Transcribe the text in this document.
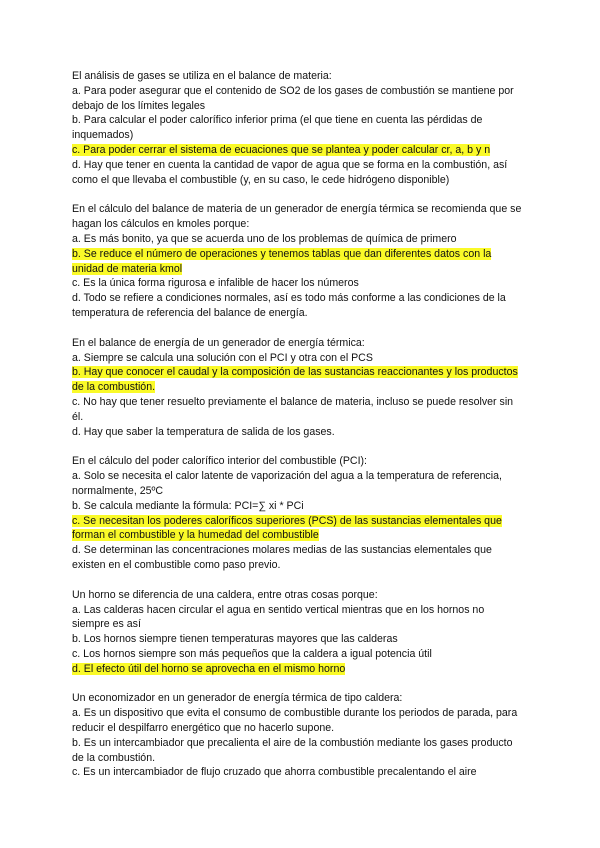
El análisis de gases se utiliza en el balance de materia:
a. Para poder asegurar que el contenido de SO2 de los gases de combustión se mantiene por debajo de los límites legales
b. Para calcular el poder calorífico inferior prima (el que tiene en cuenta las pérdidas de inquemados)
c. Para poder cerrar el sistema de ecuaciones que se plantea y poder calcular cr, a, b y n
d. Hay que tener en cuenta la cantidad de vapor de agua que se forma en la combustión, así como el que llevaba el combustible (y, en su caso, le cede hidrógeno disponible)
En el cálculo del balance de materia de un generador de energía térmica se recomienda que se hagan los cálculos en kmoles porque:
a. Es más bonito, ya que se acuerda uno de los problemas de química de primero
b. Se reduce el número de operaciones y tenemos tablas que dan diferentes datos con la unidad de materia kmol
c. Es la única forma rigurosa e infalible de hacer los números
d. Todo se refiere a condiciones normales, así es todo más conforme a las condiciones de la temperatura de referencia del balance de energía.
En el balance de energía de un generador de energía térmica:
a. Siempre se calcula una solución con el PCI y otra con el PCS
b. Hay que conocer el caudal y la composición de las sustancias reaccionantes y los productos de la combustión.
c. No hay que tener resuelto previamente el balance de materia, incluso se puede resolver sin él.
d. Hay que saber la temperatura de salida de los gases.
En el cálculo del poder calorífico interior del combustible (PCI):
a. Solo se necesita el calor latente de vaporización del agua a la temperatura de referencia, normalmente, 25ºC
b. Se calcula mediante la fórmula: PCI=∑ xi * PCi
c. Se necesitan los poderes caloríficos superiores (PCS) de las sustancias elementales que forman el combustible y la humedad del combustible
d. Se determinan las concentraciones molares medias de las sustancias elementales que existen en el combustible como paso previo.
Un horno se diferencia de una caldera, entre otras cosas porque:
a. Las calderas hacen circular el agua en sentido vertical mientras que en los hornos no siempre es así
b. Los hornos siempre tienen temperaturas mayores que las calderas
c. Los hornos siempre son más pequeños que la caldera a igual potencia útil
d. El efecto útil del horno se aprovecha en el mismo horno
Un economizador en un generador de energía térmica de tipo caldera:
a. Es un dispositivo que evita el consumo de combustible durante los periodos de parada, para reducir el despilfarro energético que no hacerlo supone.
b. Es un intercambiador que precalienta el aire de la combustión mediante los gases producto de la combustión.
c. Es un intercambiador de flujo cruzado que ahorra combustible precalentando el aire
